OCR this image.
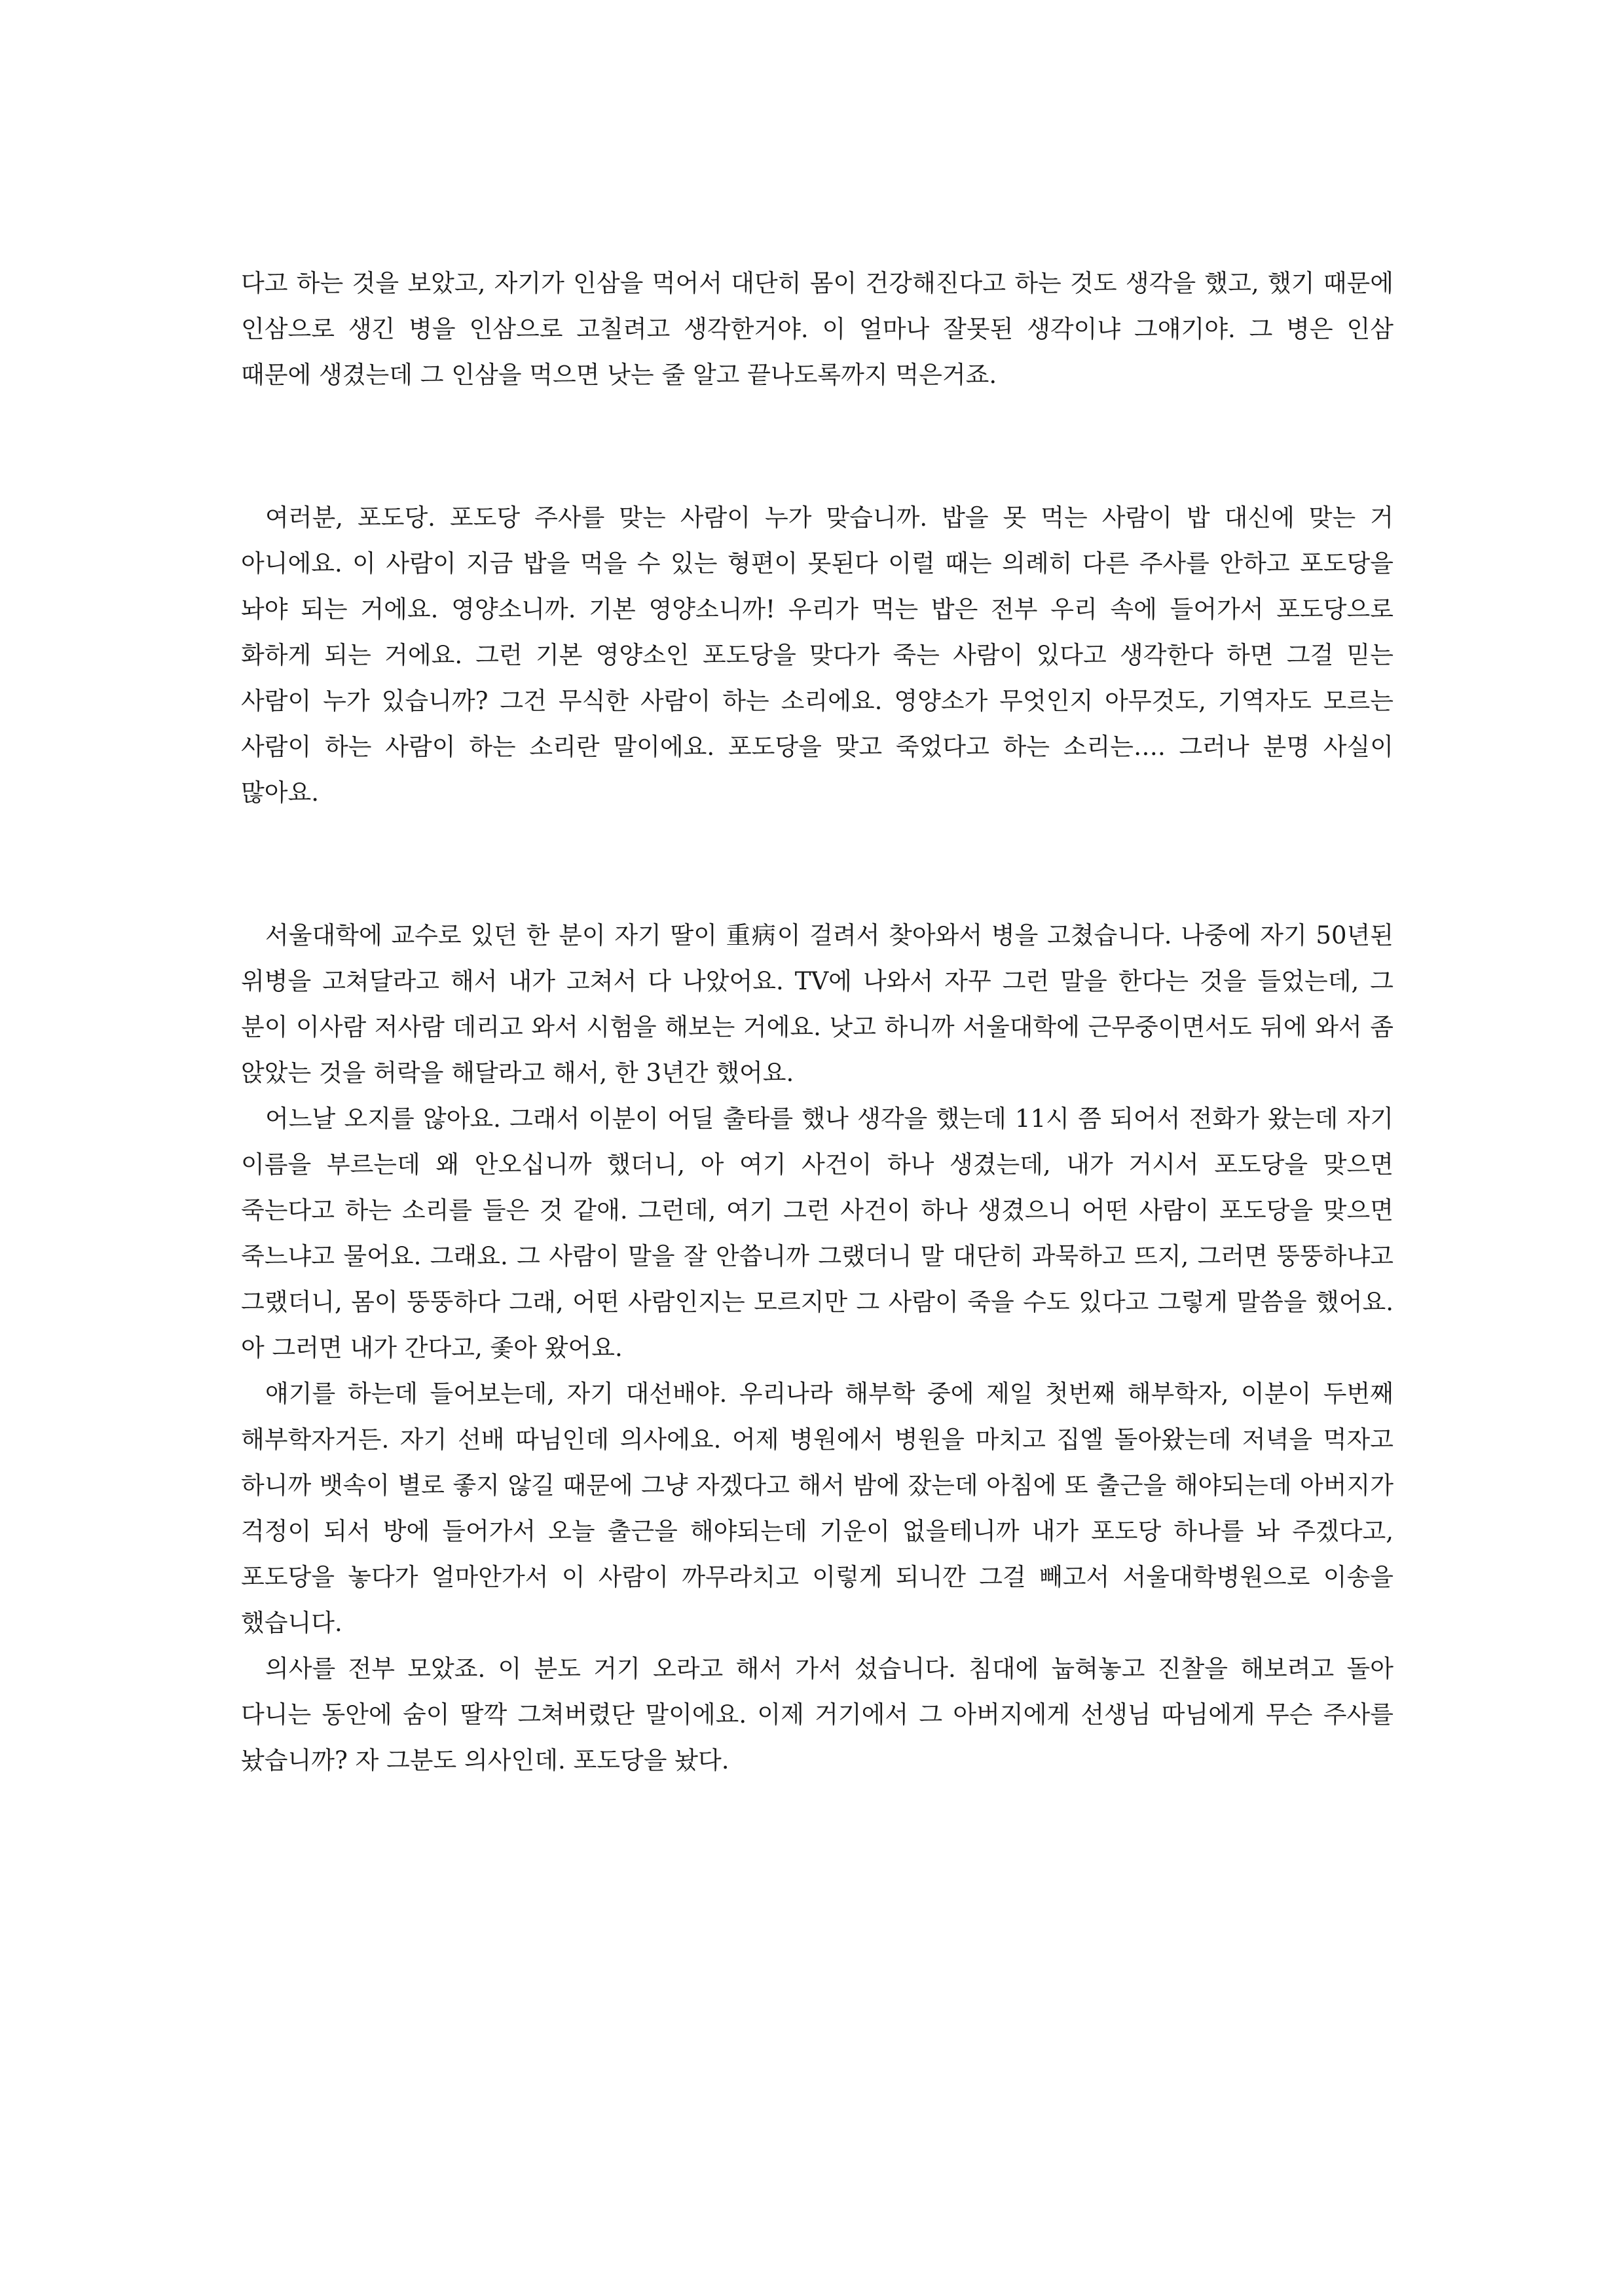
다고 하는 것을 보았고, 자기가 인삼을 먹어서 대단히 몸이 건강해진다고 하는 것도 생각을 했고, 했기 때문에 인삼으로 생긴 병을 인삼으로 고칠려고 생각한거야. 이 얼마나 잘못된 생각이냐 그얘기야. 그 병은 인삼 때문에 생겼는데 그 인삼을 먹으면 낫는 줄 알고 끝나도록까지 먹은거죠.

여러분, 포도당. 포도당 주사를 맞는 사람이 누가 맞습니까. 밥을 못 먹는 사람이 밥 대신에 맞는 거 아니에요. 이 사람이 지금 밥을 먹을 수 있는 형편이 못된다 이럴 때는 의례히 다른 주사를 안하고 포도당을 놔야 되는 거에요. 영양소니까. 기본 영양소니까! 우리가 먹는 밥은 전부 우리 속에 들어가서 포도당으로 화하게 되는 거에요. 그런 기본 영양소인 포도당을 맞다가 죽는 사람이 있다고 생각한다 하면 그걸 믿는 사람이 누가 있습니까? 그건 무식한 사람이 하는 소리에요. 영양소가 무엇인지 아무것도, 기역자도 모르는 사람이 하는 사람이 하는 소리란 말이에요. 포도당을 맞고 죽었다고 하는 소리는…. 그러나 분명 사실이 많아요.

서울대학에 교수로 있던 한 분이 자기 딸이 重病이 걸려서 찾아와서 병을 고쳤습니다. 나중에 자기 50년된 위병을 고쳐달라고 해서 내가 고쳐서 다 나았어요. TV에 나와서 자꾸 그런 말을 한다는 것을 들었는데, 그 분이 이사람 저사람 데리고 와서 시험을 해보는 거에요. 낫고 하니까 서울대학에 근무중이면서도 뒤에 와서 좀 앉았는 것을 허락을 해달라고 해서, 한 3년간 했어요.

어느날 오지를 않아요. 그래서 이분이 어딜 출타를 했나 생각을 했는데 11시 쯤 되어서 전화가 왔는데 자기 이름을 부르는데 왜 안오십니까 했더니, 아 여기 사건이 하나 생겼는데, 내가 거시서 포도당을 맞으면 죽는다고 하는 소리를 들은 것 같애. 그런데, 여기 그런 사건이 하나 생겼으니 어떤 사람이 포도당을 맞으면 죽느냐고 물어요. 그래요. 그 사람이 말을 잘 안씁니까 그랬더니 말 대단히 과묵하고 뜨지, 그러면 뚱뚱하냐고 그랬더니, 몸이 뚱뚱하다 그래, 어떤 사람인지는 모르지만 그 사람이 죽을 수도 있다고 그렇게 말씀을 했어요. 아 그러면 내가 간다고, 좇아 왔어요.

얘기를 하는데 들어보는데, 자기 대선배야. 우리나라 해부학 중에 제일 첫번째 해부학자, 이분이 두번째 해부학자거든. 자기 선배 따님인데 의사에요. 어제 병원에서 병원을 마치고 집엘 돌아왔는데 저녁을 먹자고 하니까 뱃속이 별로 좋지 않길 때문에 그냥 자겠다고 해서 밤에 잤는데 아침에 또 출근을 해야되는데 아버지가 걱정이 되서 방에 들어가서 오늘 출근을 해야되는데 기운이 없을테니까 내가 포도당 하나를 놔 주겠다고, 포도당을 놓다가 얼마안가서 이 사람이 까무라치고 이렇게 되니깐 그걸 빼고서 서울대학병원으로 이송을 했습니다.

의사를 전부 모았죠. 이 분도 거기 오라고 해서 가서 섰습니다. 침대에 눕혀놓고 진찰을 해보려고 돌아 다니는 동안에 숨이 딸깍 그쳐버렸단 말이에요. 이제 거기에서 그 아버지에게 선생님 따님에게 무슨 주사를 놨습니까? 자 그분도 의사인데. 포도당을 놨다.
